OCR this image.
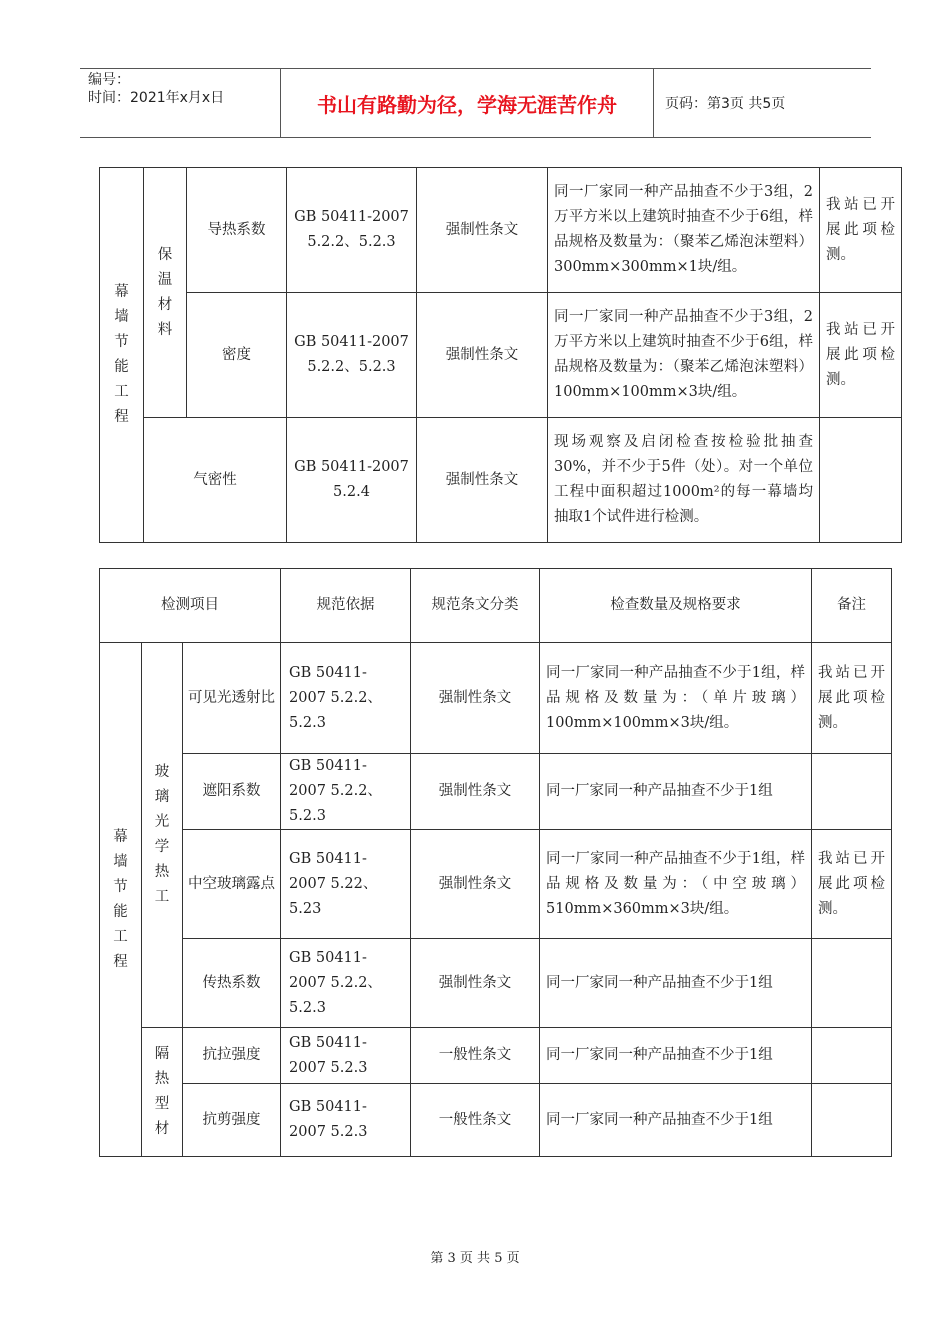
编号：
时间：2021年x月x日	书山有路勤为径，学海无涯苦作舟	页码：第3页 共5页
幕墙节能工程	保温材料	导热系数	GB 50411-2007 5.2.2、5.2.3	强制性条文	同一厂家同一种产品抽查不少于3组，2万平方米以上建筑时抽查不少于6组，样品规格及数量为：（聚苯乙烯泡沫塑料）300mm×300mm×1块/组。	我站已开展此项检测。
		密度	GB 50411-2007 5.2.2、5.2.3	强制性条文	同一厂家同一种产品抽查不少于3组，2万平方米以上建筑时抽查不少于6组，样品规格及数量为：（聚苯乙烯泡沫塑料）100mm×100mm×3块/组。	我站已开展此项检测。
	气密性		GB 50411-2007 5.2.4	强制性条文	现场观察及启闭检查按检验批抽查30%，并不少于5件（处）。对一个单位工程中面积超过1000m²的每一幕墙均抽取1个试件进行检测。	
检测项目			规范依据	规范条文分类	检查数量及规格要求	备注
幕墙节能工程	玻璃光学热工	可见光透射比	GB 50411-2007 5.2.2、5.2.3	强制性条文	同一厂家同一种产品抽查不少于1组，样品规格及数量为：（单片玻璃）100mm×100mm×3块/组。	我站已开展此项检测。
		遮阳系数	GB 50411-2007 5.2.2、5.2.3	强制性条文	同一厂家同一种产品抽查不少于1组	
		中空玻璃露点	GB 50411-2007 5.22、5.23	强制性条文	同一厂家同一种产品抽查不少于1组，样品规格及数量为：（中空玻璃）510mm×360mm×3块/组。	我站已开展此项检测。
		传热系数	GB 50411-2007 5.2.2、5.2.3	强制性条文	同一厂家同一种产品抽查不少于1组	
	隔热型材	抗拉强度	GB 50411-2007 5.2.3	一般性条文	同一厂家同一种产品抽查不少于1组	
		抗剪强度	GB 50411-2007 5.2.3	一般性条文	同一厂家同一种产品抽查不少于1组	
第 3 页 共 5 页
